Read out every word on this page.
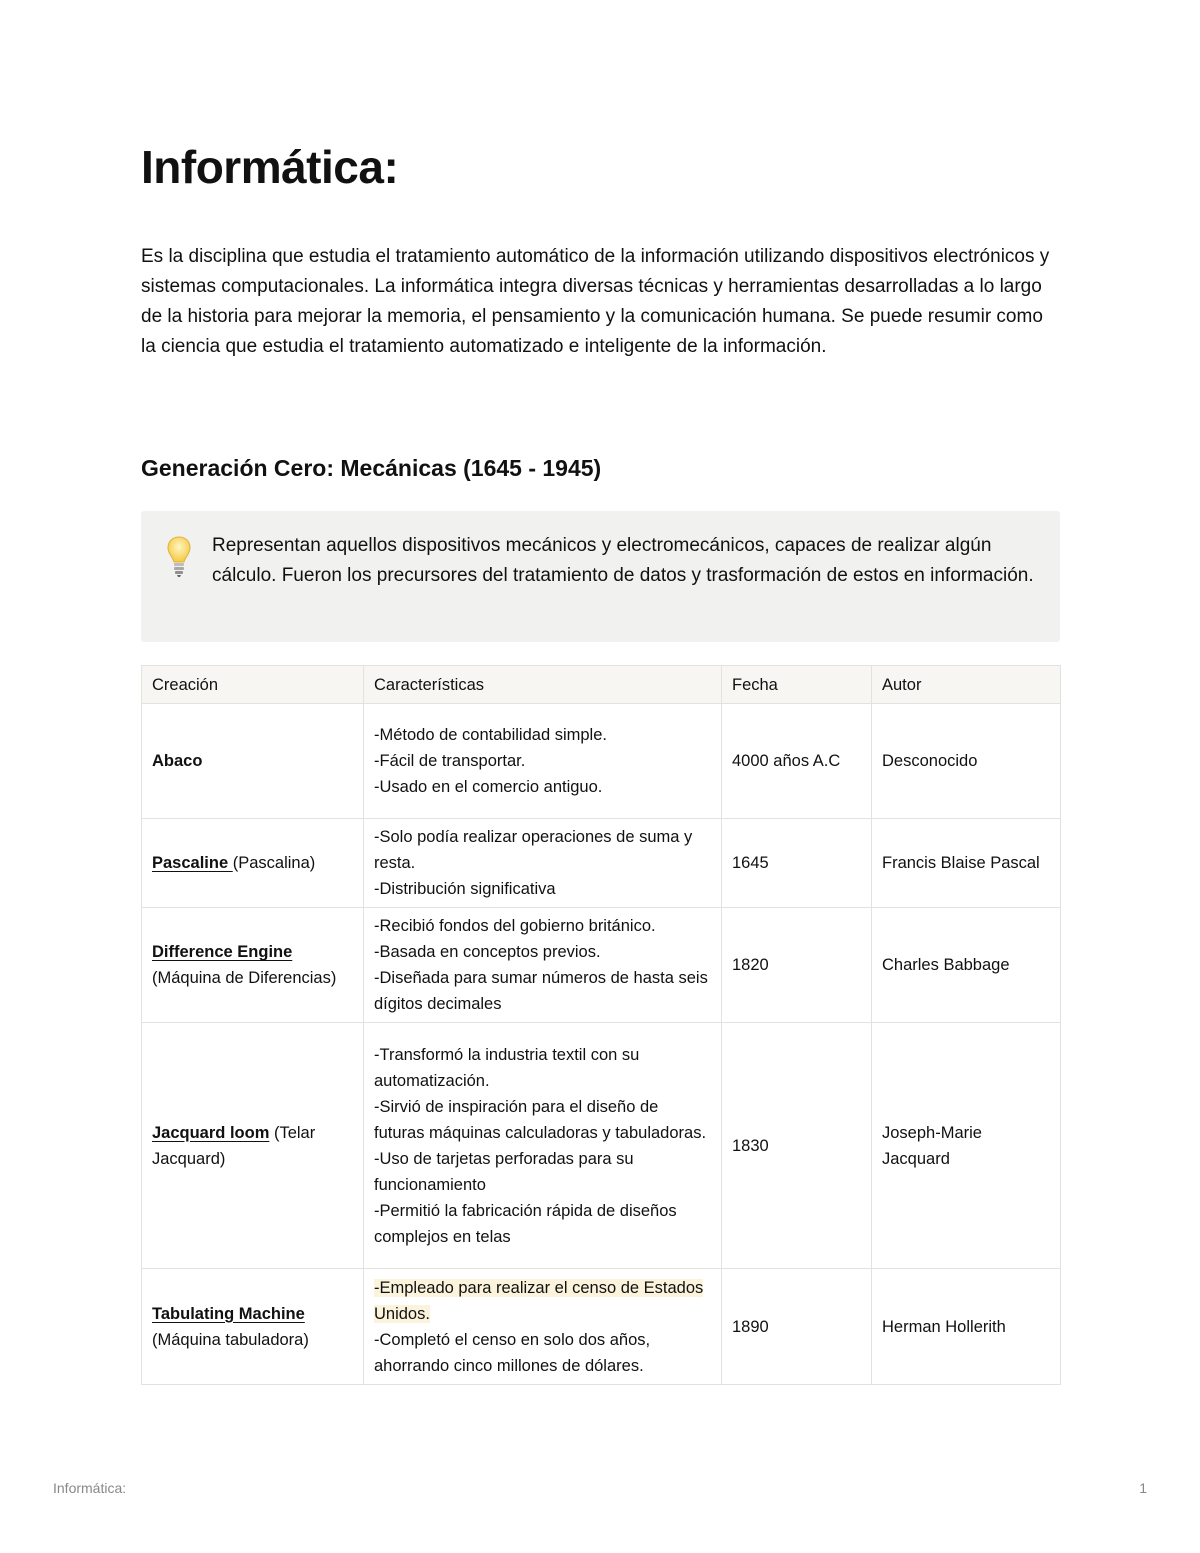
Informática:

Es la disciplina que estudia el tratamiento automático de la información utilizando dispositivos electrónicos y sistemas computacionales. La informática integra diversas técnicas y herramientas desarrolladas a lo largo de la historia para mejorar la memoria, el pensamiento y la comunicación humana. Se puede resumir como la ciencia que estudia el tratamiento automatizado e inteligente de la información.

Generación Cero: Mecánicas (1645 - 1945)

Representan aquellos dispositivos mecánicos y electromecánicos, capaces de realizar algún cálculo. Fueron los precursores del tratamiento de datos y trasformación de estos en información.

Creación	Características	Fecha	Autor
Abaco	-Método de contabilidad simple.
-Fácil de transportar.
-Usado en el comercio antiguo.	4000 años A.C	Desconocido
Pascaline (Pascalina)	-Solo podía realizar operaciones de suma y resta.
-Distribución significativa	1645	Francis Blaise Pascal
Difference Engine (Máquina de Diferencias)	-Recibió fondos del gobierno británico.
-Basada en conceptos previos.
-Diseñada para sumar números de hasta seis dígitos decimales	1820	Charles Babbage
Jacquard loom (Telar Jacquard)	-Transformó la industria textil con su automatización.
-Sirvió de inspiración para el diseño de futuras máquinas calculadoras y tabuladoras.
-Uso de tarjetas perforadas para su funcionamiento
-Permitió la fabricación rápida de diseños complejos en telas	1830	Joseph-Marie Jacquard
Tabulating Machine (Máquina tabuladora)	-Empleado para realizar el censo de Estados Unidos.
-Completó el censo en solo dos años, ahorrando cinco millones de dólares.	1890	Herman Hollerith
Informática:	1
